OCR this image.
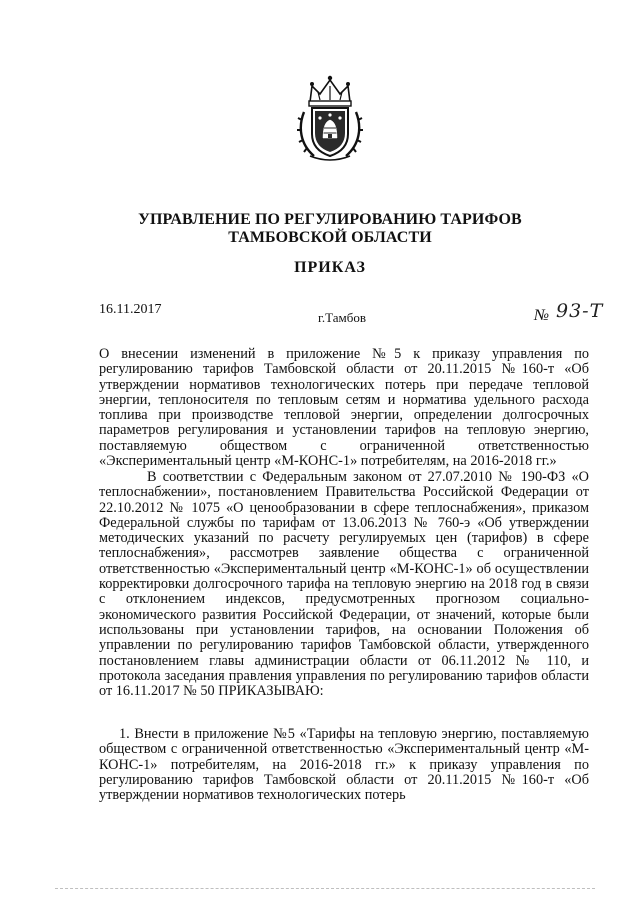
УПРАВЛЕНИЕ ПО РЕГУЛИРОВАНИЮ ТАРИФОВ
ТАМБОВСКОЙ ОБЛАСТИ
ПРИКАЗ
16.11.2017
г.Тамбов	№ 93-Т

О внесении изменений в приложение №5 к приказу управления по регулированию тарифов Тамбовской области от 20.11.2015 №160-т «Об утверждении нормативов технологических потерь при передаче тепловой энергии, теплоносителя по тепловым сетям и норматива удельного расхода топлива при производстве тепловой энергии, определении долгосрочных параметров регулирования и установлении тарифов на тепловую энергию, поставляемую обществом с ограниченной ответственностью «Экспериментальный центр «М-КОНС-1» потребителям, на 2016-2018 гг.»

В соответствии с Федеральным законом от 27.07.2010 № 190-ФЗ «О теплоснабжении», постановлением Правительства Российской Федерации от 22.10.2012 № 1075 «О ценообразовании в сфере теплоснабжения», приказом Федеральной службы по тарифам от 13.06.2013 № 760-э «Об утверждении методических указаний по расчету регулируемых цен (тарифов) в сфере теплоснабжения», рассмотрев заявление общества с ограниченной ответственностью «Экспериментальный центр «М-КОНС-1» об осуществлении корректировки долгосрочного тарифа на тепловую энергию на 2018 год в связи с отклонением индексов, предусмотренных прогнозом социально-экономического развития Российской Федерации, от значений, которые были использованы при установлении тарифов, на основании Положения об управлении по регулированию тарифов Тамбовской области, утвержденного постановлением главы администрации области от 06.11.2012 № 110, и протокола заседания правления управления по регулированию тарифов области от 16.11.2017 № 50 ПРИКАЗЫВАЮ:

1. Внести в приложение №5 «Тарифы на тепловую энергию, поставляемую обществом с ограниченной ответственностью «Экспериментальный центр «М-КОНС-1» потребителям, на 2016-2018 гг.» к приказу управления по регулированию тарифов Тамбовской области от 20.11.2015 №160-т «Об утверждении нормативов технологических потерь
